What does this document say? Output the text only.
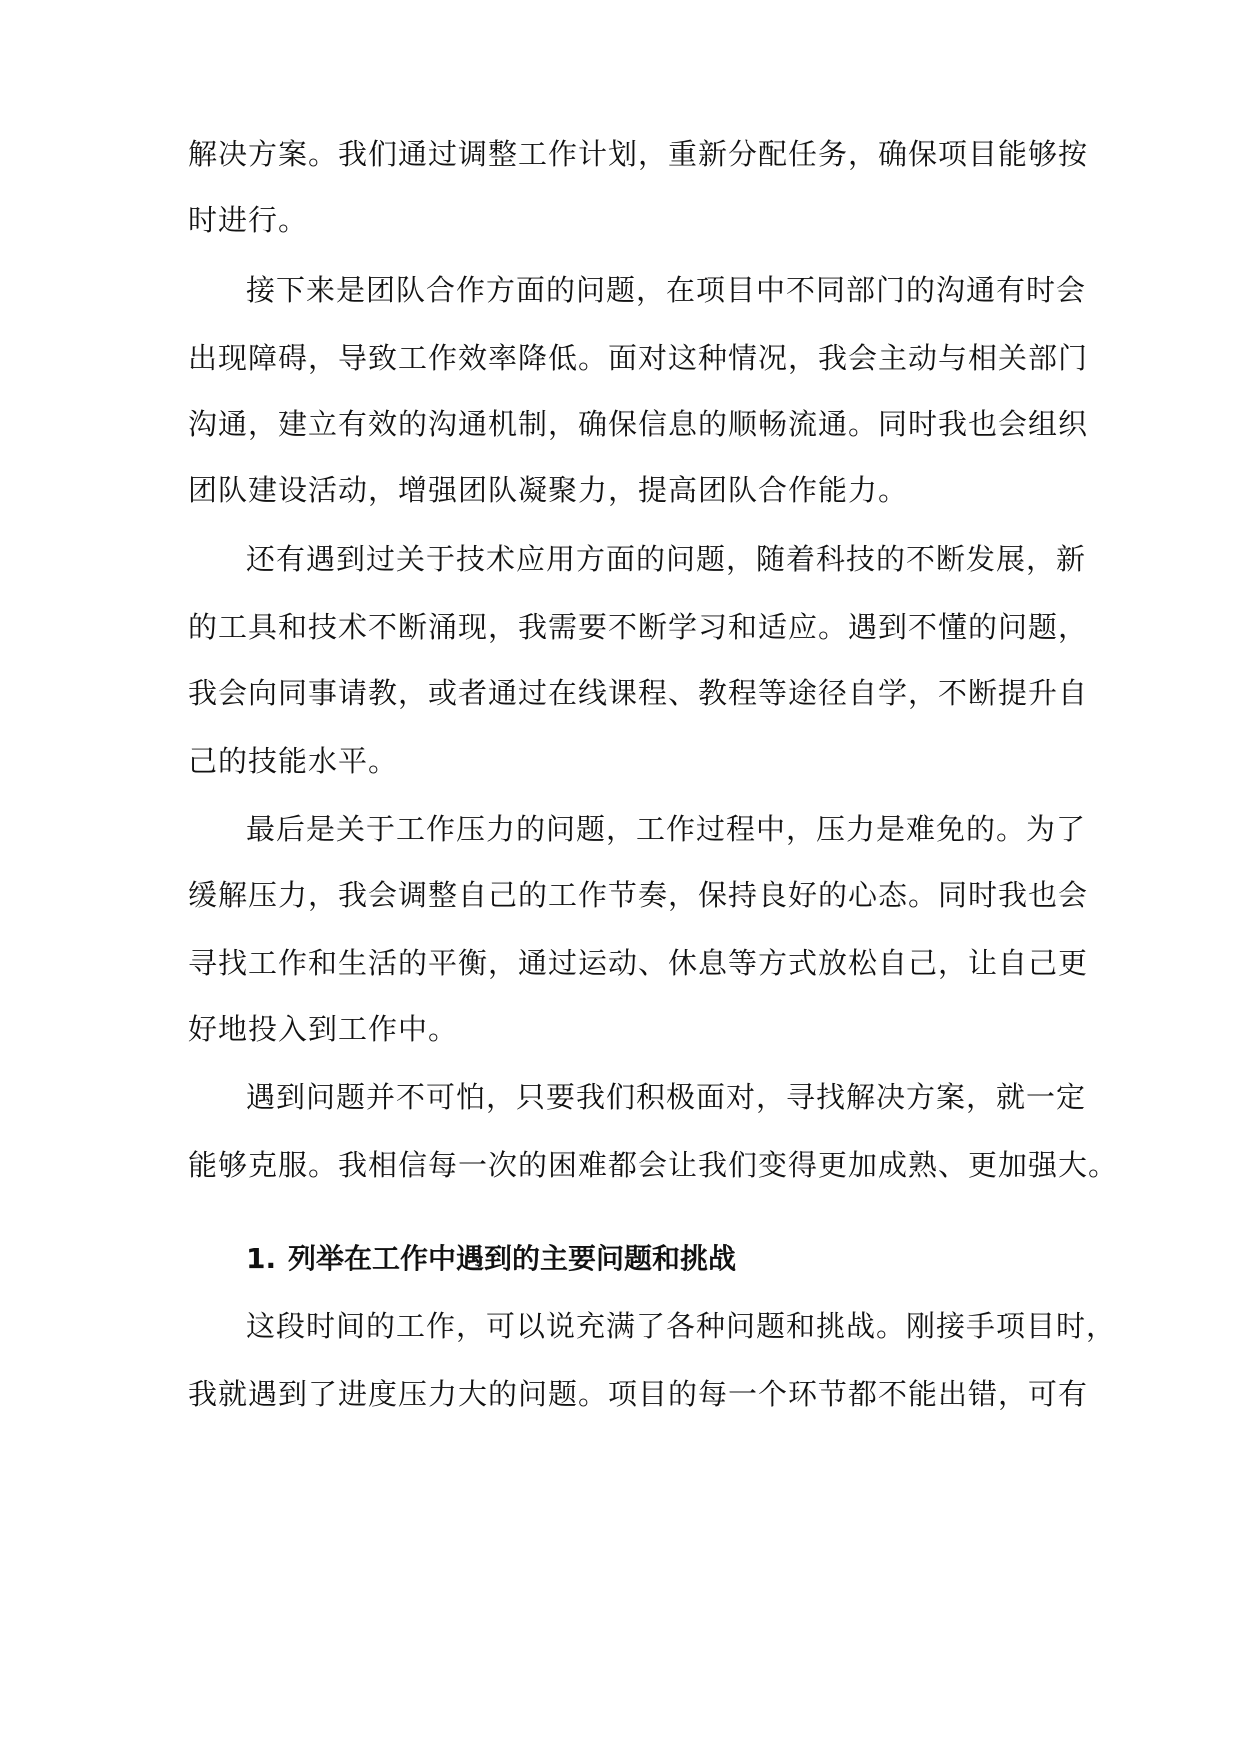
解决方案。我们通过调整工作计划，重新分配任务，确保项目能够按
时进行。
接下来是团队合作方面的问题，在项目中不同部门的沟通有时会
出现障碍，导致工作效率降低。面对这种情况，我会主动与相关部门
沟通，建立有效的沟通机制，确保信息的顺畅流通。同时我也会组织
团队建设活动，增强团队凝聚力，提高团队合作能力。
还有遇到过关于技术应用方面的问题，随着科技的不断发展，新
的工具和技术不断涌现，我需要不断学习和适应。遇到不懂的问题，
我会向同事请教，或者通过在线课程、教程等途径自学，不断提升自
己的技能水平。
最后是关于工作压力的问题，工作过程中，压力是难免的。为了
缓解压力，我会调整自己的工作节奏，保持良好的心态。同时我也会
寻找工作和生活的平衡，通过运动、休息等方式放松自己，让自己更
好地投入到工作中。
遇到问题并不可怕，只要我们积极面对，寻找解决方案，就一定
能够克服。我相信每一次的困难都会让我们变得更加成熟、更加强大。
1. 列举在工作中遇到的主要问题和挑战
这段时间的工作，可以说充满了各种问题和挑战。刚接手项目时，
我就遇到了进度压力大的问题。项目的每一个环节都不能出错，可有
